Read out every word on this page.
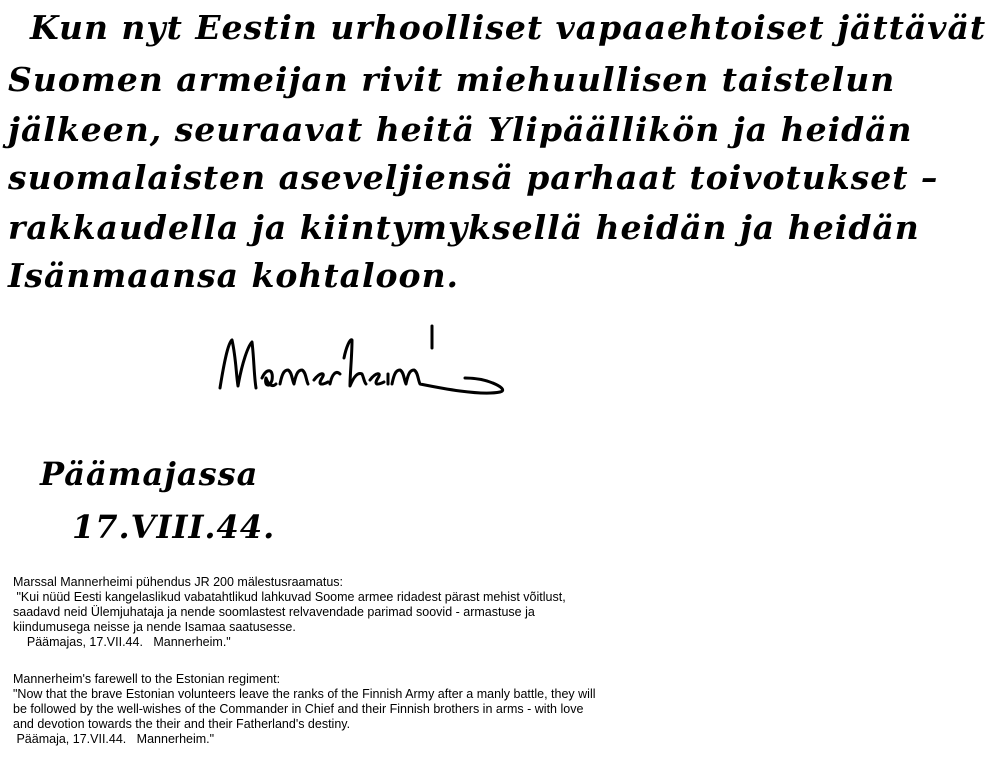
Kun nyt Eestin urhoolliset vapaaehtoiset jättävät
Suomen armeijan rivit miehuullisen taistelun
jälkeen, seuraavat heitä Ylipäällikön ja heidän
suomalaisten aseveljiensä parhaat toivotukset –
rakkaudella ja kiintymyksellä heidän ja heidän
Isänmaansa kohtaloon.
Päämajassa
17.VIII.44.
Marssal Mannerheimi pühendus JR 200 mälestusraamatus:
"Kui nüüd Eesti kangelaslikud vabatahtlikud lahkuvad Soome armee ridadest pärast mehist võitlust,
saadavd neid Ülemjuhataja ja nende soomlastest relvavendade parimad soovid - armastuse ja
kiindumusega neisse ja nende Isamaa saatusesse.
Päämajas, 17.VII.44.   Mannerheim."
Mannerheim's farewell to the Estonian regiment:
"Now that the brave Estonian volunteers leave the ranks of the Finnish Army after a manly battle, they will
be followed by the well-wishes of the Commander in Chief and their Finnish brothers in arms - with love
and devotion towards the their and their Fatherland's destiny.
Päämaja, 17.VII.44.   Mannerheim."
